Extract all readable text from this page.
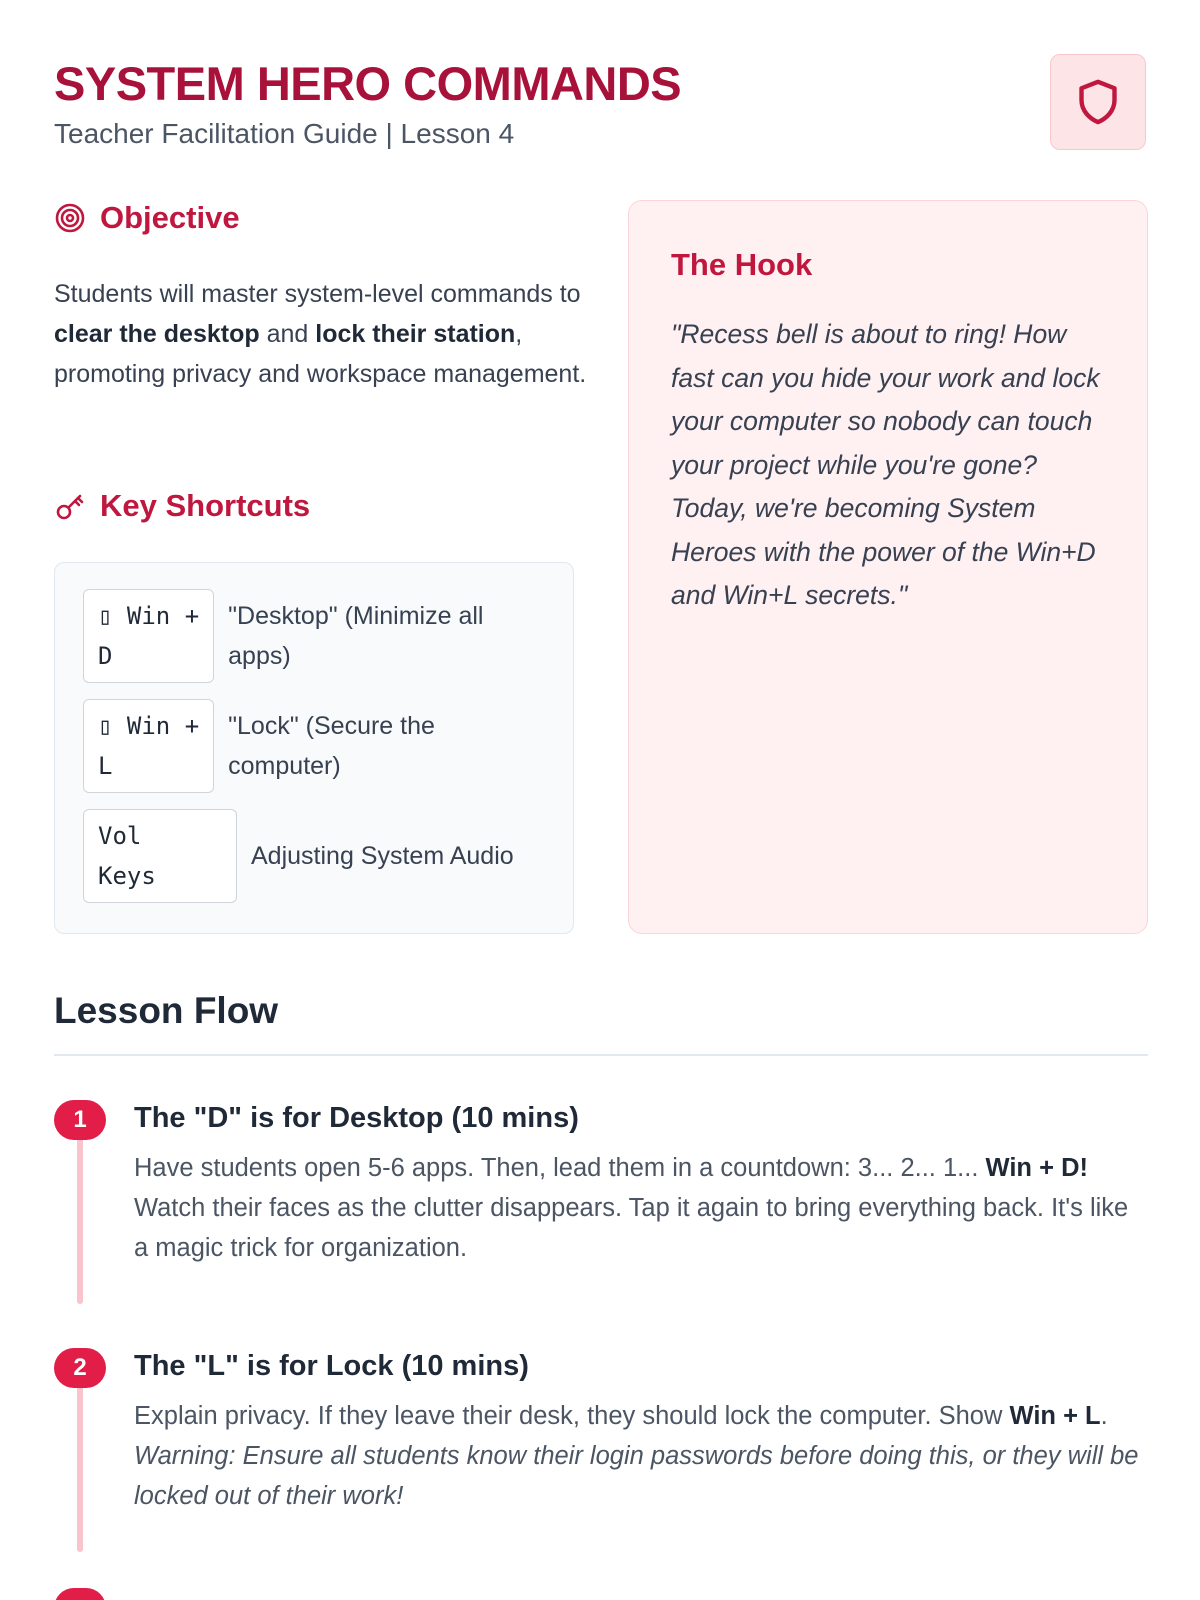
SYSTEM HERO COMMANDS
Teacher Facilitation Guide | Lesson 4
Objective

Students will master system-level commands to clear the desktop and lock their station, promoting privacy and workspace management.

Key Shortcuts
▯ Win +
D
"Desktop" (Minimize all apps)
▯ Win +
L
"Lock" (Secure the computer)
Vol
Keys
Adjusting System Audio
The Hook

"Recess bell is about to ring! How fast can you hide your work and lock your computer so nobody can touch your project while you're gone? Today, we're becoming System Heroes with the power of the Win+D and Win+L secrets."

Lesson Flow
1	The "D" is for Desktop (10 mins)

Have students open 5-6 apps. Then, lead them in a countdown: 3... 2... 1... Win + D! Watch their faces as the clutter disappears. Tap it again to bring everything back. It's like a magic trick for organization.

2	The "L" is for Lock (10 mins)

Explain privacy. If they leave their desk, they should lock the computer. Show Win + L. Warning: Ensure all students know their login passwords before doing this, or they will be locked out of their work!
